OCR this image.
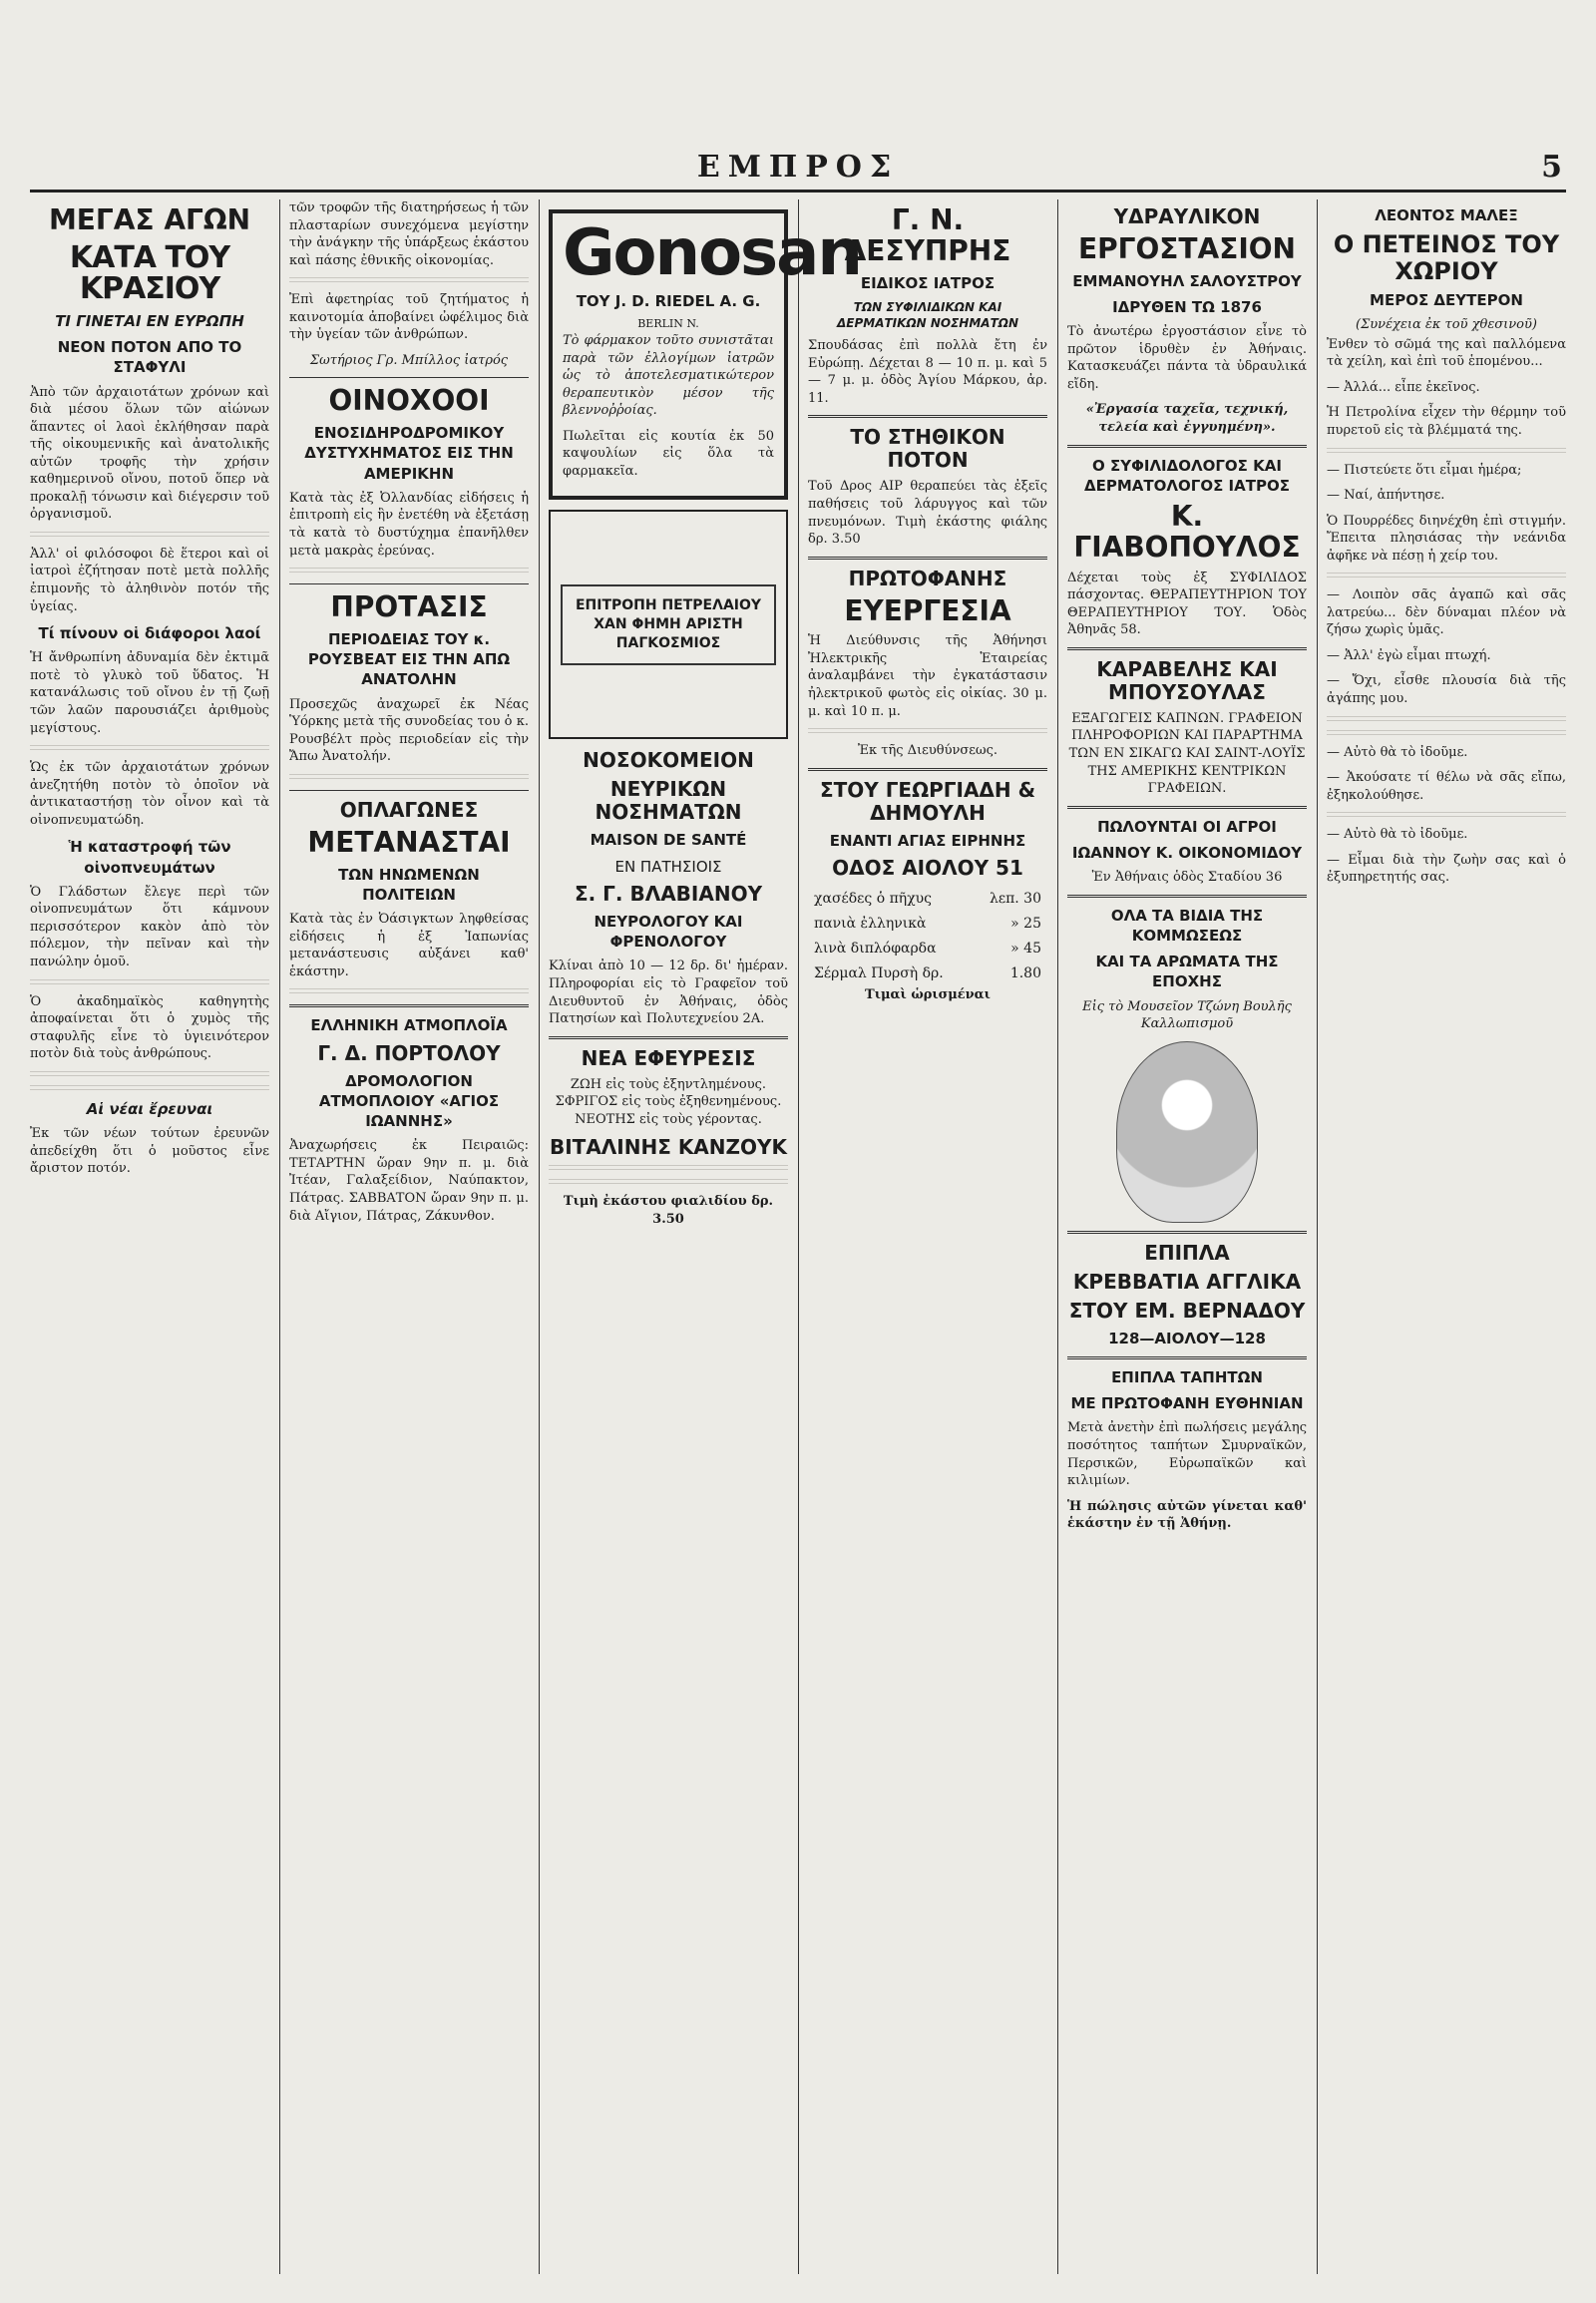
ΕΜΠΡΟΣ	5
ΜΕΓΑΣ ΑΓΩΝ
ΚΑΤΑ ΤΟΥ ΚΡΑΣΙΟΥ
ΤΙ ΓΙΝΕΤΑΙ ΕΝ ΕΥΡΩΠΗ
ΝΕΟΝ ΠΟΤΟΝ ΑΠΟ ΤΟ ΣΤΑΦΥΛΙ

Ἀπὸ τῶν ἀρχαιοτάτων χρόνων καὶ διὰ μέσου ὅλων τῶν αἰώνων ἅπαντες οἱ λαοὶ ἐκλήθησαν παρὰ τῆς οἰκουμενικῆς καὶ ἀνατολικῆς αὐτῶν τροφῆς τὴν χρήσιν καθημερινοῦ οἴνου, ποτοῦ ὅπερ νὰ προκαλῇ τόνωσιν καὶ διέγερσιν τοῦ ὀργανισμοῦ.

Ἀλλ' οἱ φιλόσοφοι δὲ ἕτεροι καὶ οἱ ἰατροὶ ἐζήτησαν ποτὲ μετὰ πολλῆς ἐπιμονῆς τὸ ἀληθινὸν ποτόν τῆς ὑγείας.

Τί πίνουν οἱ διάφοροι λαοί

Ἡ ἄνθρωπίνη ἀδυναμία δὲν ἐκτιμᾶ ποτὲ τὸ γλυκὸ τοῦ ὕδατος. Ἡ κατανάλωσις τοῦ οἴνου ἐν τῇ ζωῇ τῶν λαῶν παρουσιάζει ἀριθμοὺς μεγίστους.

Ὡς ἐκ τῶν ἀρχαιοτάτων χρόνων ἀνεζητήθη ποτὸν τὸ ὁποῖον νὰ ἀντικαταστήσῃ τὸν οἶνον καὶ τὰ οἰνοπνευματώδη.

Ἡ καταστροφή τῶν οἰνοπνευμάτων

Ὁ Γλάδστων ἔλεγε περὶ τῶν οἰνοπνευμάτων ὅτι κάμνουν περισσότερον κακὸν ἀπὸ τὸν πόλεμον, τὴν πεῖναν καὶ τὴν πανώλην ὁμοῦ.

Ὁ ἀκαδημαϊκὸς καθηγητὴς ἀποφαίνεται ὅτι ὁ χυμὸς τῆς σταφυλῆς εἶνε τὸ ὑγιεινότερον ποτὸν διὰ τοὺς ἀνθρώπους.

Αἱ νέαι ἔρευναι

Ἐκ τῶν νέων τούτων ἐρευνῶν ἀπεδείχθη ὅτι ὁ μοῦστος εἶνε ἄριστον ποτόν.

τῶν τροφῶν τῆς διατηρήσεως ἡ τῶν πλασταρίων συνεχόμενα μεγίστην τὴν ἀνάγκην τῆς ὑπάρξεως ἑκάστου καὶ πάσης ἐθνικῆς οἰκονομίας.

Ἐπὶ ἀφετηρίας τοῦ ζητήματος ἡ καινοτομία ἀποβαίνει ὠφέλιμος διὰ τὴν ὑγείαν τῶν ἀνθρώπων.

Σωτήριος Γρ. Μπίλλος ἰατρός

ΟΙΝΟΧΟΟΙ
ΕΝΟΣΙΔΗΡΟΔΡΟΜΙΚΟΥ ΔΥΣΤΥΧΗΜΑΤΟΣ ΕΙΣ ΤΗΝ ΑΜΕΡΙΚΗΝ

Κατὰ τὰς ἐξ Ὀλλανδίας εἰδήσεις ἡ ἐπιτροπὴ εἰς ἣν ἐνετέθη νὰ ἐξετάσῃ τὰ κατὰ τὸ δυστύχημα ἐπανῆλθεν μετὰ μακρὰς ἐρεύνας.

ΠΡΟΤΑΣΙΣ
ΠΕΡΙΟΔΕΙΑΣ ΤΟΥ κ. ΡΟΥΣΒΕΑΤ ΕΙΣ ΤΗΝ ΑΠΩ ΑΝΑΤΟΛΗΝ

Προσεχῶς ἀναχωρεῖ ἐκ Νέας Ὑόρκης μετὰ τῆς συνοδείας του ὁ κ. Ρουσβέλτ πρὸς περιοδείαν εἰς τὴν Ἄπω Ἀνατολήν.

ΟΠΛΑΓΩΝΕΣ
ΜΕΤΑΝΑΣΤΑΙ
ΤΩΝ ΗΝΩΜΕΝΩΝ ΠΟΛΙΤΕΙΩΝ

Κατὰ τὰς ἐν Ὀάσιγκτων ληφθείσας εἰδήσεις ἡ ἐξ Ἰαπωνίας μετανάστευσις αὐξάνει καθ' ἑκάστην.

ΕΛΛΗΝΙΚΗ ΑΤΜΟΠΛΟΪΑ
Γ. Δ. ΠΟΡΤΟΛΟΥ
ΔΡΟΜΟΛΟΓΙΟΝ ΑΤΜΟΠΛΟΙΟΥ «ΑΓΙΟΣ ΙΩΑΝΝΗΣ»

Ἀναχωρήσεις ἐκ Πειραιῶς: ΤΕΤΑΡΤΗΝ ὥραν 9ην π. μ. διὰ Ἰτέαν, Γαλαξείδιον, Ναύπακτον, Πάτρας. ΣΑΒΒΑΤΟΝ ὥραν 9ην π. μ. διὰ Αἴγιον, Πάτρας, Ζάκυνθον.

Gonosan
ΤΟΥ J. D. RIEDEL A. G.
BERLIN N.

Τὸ φάρμακον τοῦτο συνιστᾶται παρὰ τῶν ἐλλογίμων ἰατρῶν ὡς τὸ ἀποτελεσματικώτερον θεραπευτικὸν μέσον τῆς βλεννοῤῥοίας.

Πωλεῖται εἰς κουτία ἐκ 50 καψουλίων εἰς ὅλα τὰ φαρμακεῖα.

ΕΠΙΤΡΟΠΗ ΠΕΤΡΕΛΑΙΟΥ ΧΑΝ ΦΗΜΗ ΑΡΙΣΤΗ ΠΑΓΚΟΣΜΙΟΣ
ΝΟΣΟΚΟΜΕΙΟΝ
ΝΕΥΡΙΚΩΝ ΝΟΣΗΜΑΤΩΝ
MAISON DE SANTÉ
ΕΝ ΠΑΤΗΣΙΟΙΣ
Σ. Γ. ΒΛΑΒΙΑΝΟΥ
ΝΕΥΡΟΛΟΓΟΥ ΚΑΙ ΦΡΕΝΟΛΟΓΟΥ

Κλίναι ἀπὸ 10 — 12 δρ. δι' ἡμέραν. Πληροφορίαι εἰς τὸ Γραφεῖον τοῦ Διευθυντοῦ ἐν Ἀθήναις, ὁδὸς Πατησίων καὶ Πολυτεχνείου 2Α.

ΝΕΑ ΕΦΕΥΡΕΣΙΣ

ΖΩΗ εἰς τοὺς ἐξηντλημένους. ΣΦΡΙΓΟΣ εἰς τοὺς ἐξηθενημένους. ΝΕΟΤΗΣ εἰς τοὺς γέροντας.

ΒΙΤΑΛΙΝΗΣ ΚΑΝΖΟΥΚ

Τιμὴ ἐκάστου φιαλιδίου δρ. 3.50

Γ. Ν. ΔΕΣΥΠΡΗΣ
ΕΙΔΙΚΟΣ ΙΑΤΡΟΣ
ΤΩΝ ΣΥΦΙΛΙΔΙΚΩΝ ΚΑΙ ΔΕΡΜΑΤΙΚΩΝ ΝΟΣΗΜΑΤΩΝ

Σπουδάσας ἐπὶ πολλὰ ἔτη ἐν Εὐρώπῃ. Δέχεται 8 — 10 π. μ. καὶ 5 — 7 μ. μ. ὁδὸς Ἀγίου Μάρκου, ἀρ. 11.

ΤΟ ΣΤΗΘΙΚΟΝ ΠΟΤΟΝ

Τοῦ Δρος ΑΙΡ θεραπεύει τὰς ἐξεῖς παθήσεις τοῦ λάρυγγος καὶ τῶν πνευμόνων. Τιμὴ ἑκάστης φιάλης δρ. 3.50

ΠΡΩΤΟΦΑΝΗΣ
ΕΥΕΡΓΕΣΙΑ

Ἡ Διεύθυνσις τῆς Ἀθήνησι Ἠλεκτρικῆς Ἑταιρείας ἀναλαμβάνει τὴν ἐγκατάστασιν ἠλεκτρικοῦ φωτὸς εἰς οἰκίας. 30 μ. μ. καὶ 10 π. μ.

Ἐκ τῆς Διευθύνσεως.

ΣΤΟΥ ΓΕΩΡΓΙΑΔΗ & ΔΗΜΟΥΛΗ
ΕΝΑΝΤΙ ΑΓΙΑΣ ΕΙΡΗΝΗΣ
ΟΔΟΣ ΑΙΟΛΟΥ 51
χασέδες ὁ πῆχυς	λεπ. 30
πανιὰ ἐλληνικὰ	» 25
λινὰ διπλόφαρδα	» 45
Σέρμαλ Πυρσὴ δρ.	1.80

Τιμαὶ ὡρισμέναι

ΥΔΡΑΥΛΙΚΟΝ
ΕΡΓΟΣΤΑΣΙΟΝ
ΕΜΜΑΝΟΥΗΛ ΣΑΛΟΥΣΤΡΟΥ
ΙΔΡΥΘΕΝ ΤΩ 1876

Τὸ ἀνωτέρω ἐργοστάσιον εἶνε τὸ πρῶτον ἱδρυθὲν ἐν Ἀθήναις. Κατασκευάζει πάντα τὰ ὑδραυλικά εἴδη.

«Ἐργασία ταχεῖα, τεχνική, τελεία καὶ ἐγγυημένη».

Ο ΣΥΦΙΛΙΔΟΛΟΓΟΣ ΚΑΙ ΔΕΡΜΑΤΟΛΟΓΟΣ ΙΑΤΡΟΣ
Κ. ΓΙΑΒΟΠΟΥΛΟΣ

Δέχεται τοὺς ἐξ ΣΥΦΙΛΙΔΟΣ πάσχοντας. ΘΕΡΑΠΕΥΤΗΡΙΟΝ ΤΟΥ ΘΕΡΑΠΕΥΤΗΡΙΟΥ ΤΟΥ. Ὁδὸς Ἀθηνᾶς 58.

ΚΑΡΑΒΕΛΗΣ ΚΑΙ ΜΠΟΥΣΟΥΛΑΣ

ΕΞΑΓΩΓΕΙΣ ΚΑΠΝΩΝ. ΓΡΑΦΕΙΟΝ ΠΛΗΡΟΦΟΡΙΩΝ ΚΑΙ ΠΑΡΑΡΤΗΜΑ ΤΩΝ ΕΝ ΣΙΚΑΓΩ ΚΑΙ ΣΑΙΝΤ-ΛΟΥΪΣ ΤΗΣ ΑΜΕΡΙΚΗΣ ΚΕΝΤΡΙΚΩΝ ΓΡΑΦΕΙΩΝ.

ΠΩΛΟΥΝΤΑΙ ΟΙ ΑΓΡΟΙ
ΙΩΑΝΝΟΥ Κ. ΟΙΚΟΝΟΜΙΔΟΥ

Ἐν Ἀθήναις ὁδὸς Σταδίου 36

ΟΛΑ ΤΑ ΒΙΔΙΑ ΤΗΣ ΚΟΜΜΩΣΕΩΣ
ΚΑΙ ΤΑ ΑΡΩΜΑΤΑ ΤΗΣ ΕΠΟΧΗΣ

Εἰς τὸ Μουσεῖον Τζώνη Βουλῆς Καλλωπισμοῦ

ΕΠΙΠΛΑ
ΚΡΕΒΒΑΤΙΑ ΑΓΓΛΙΚΑ
ΣΤΟΥ ΕΜ. ΒΕΡΝΑΔΟΥ
128—ΑΙΟΛΟΥ—128
ΕΠΙΠΛΑ ΤΑΠΗΤΩΝ
ΜΕ ΠΡΩΤΟΦΑΝΗ ΕΥΘΗΝΙΑΝ

Μετὰ ἀνετὴν ἐπὶ πωλήσεις μεγάλης ποσότητος ταπήτων Σμυρναϊκῶν, Περσικῶν, Εὐρωπαϊκῶν καὶ κιλιμίων.

Ἡ πώλησις αὐτῶν γίνεται καθ' ἑκάστην ἐν τῇ Ἀθήνῃ.

ΛΕΟΝΤΟΣ ΜΑΛΕΞ
Ο ΠΕΤΕΙΝΟΣ ΤΟΥ ΧΩΡΙΟΥ
ΜΕΡΟΣ ΔΕΥΤΕΡΟΝ
(Συνέχεια ἐκ τοῦ χθεσινοῦ)

Ἐνθεν τὸ σῶμά της καὶ παλλόμενα τὰ χείλη, καὶ ἐπὶ τοῦ ἑπομένου...

— Ἀλλά... εἶπε ἐκεῖνος.

Ἡ Πετρολίνα εἶχεν τὴν θέρμην τοῦ πυρετοῦ εἰς τὰ βλέμματά της.

— Πιστεύετε ὅτι εἶμαι ἡμέρα;

— Ναί, ἀπήντησε.

Ὁ Πουρρέδες διηνέχθη ἐπὶ στιγμήν. Ἔπειτα πλησιάσας τὴν νεάνιδα ἀφῆκε νὰ πέσῃ ἡ χείρ του.

— Λοιπὸν σᾶς ἀγαπῶ καὶ σᾶς λατρεύω... δὲν δύναμαι πλέον νὰ ζήσω χωρὶς ὑμᾶς.

— Ἀλλ' ἐγὼ εἶμαι πτωχή.

— Ὄχι, εἶσθε πλουσία διὰ τῆς ἀγάπης μου.

— Αὐτὸ θὰ τὸ ἰδοῦμε.

— Ἀκούσατε τί θέλω νὰ σᾶς εἴπω, ἐξηκολούθησε.

— Αὐτὸ θὰ τὸ ἰδοῦμε.

— Εἶμαι διὰ τὴν ζωὴν σας καὶ ὁ ἐξυπηρετητής σας.
